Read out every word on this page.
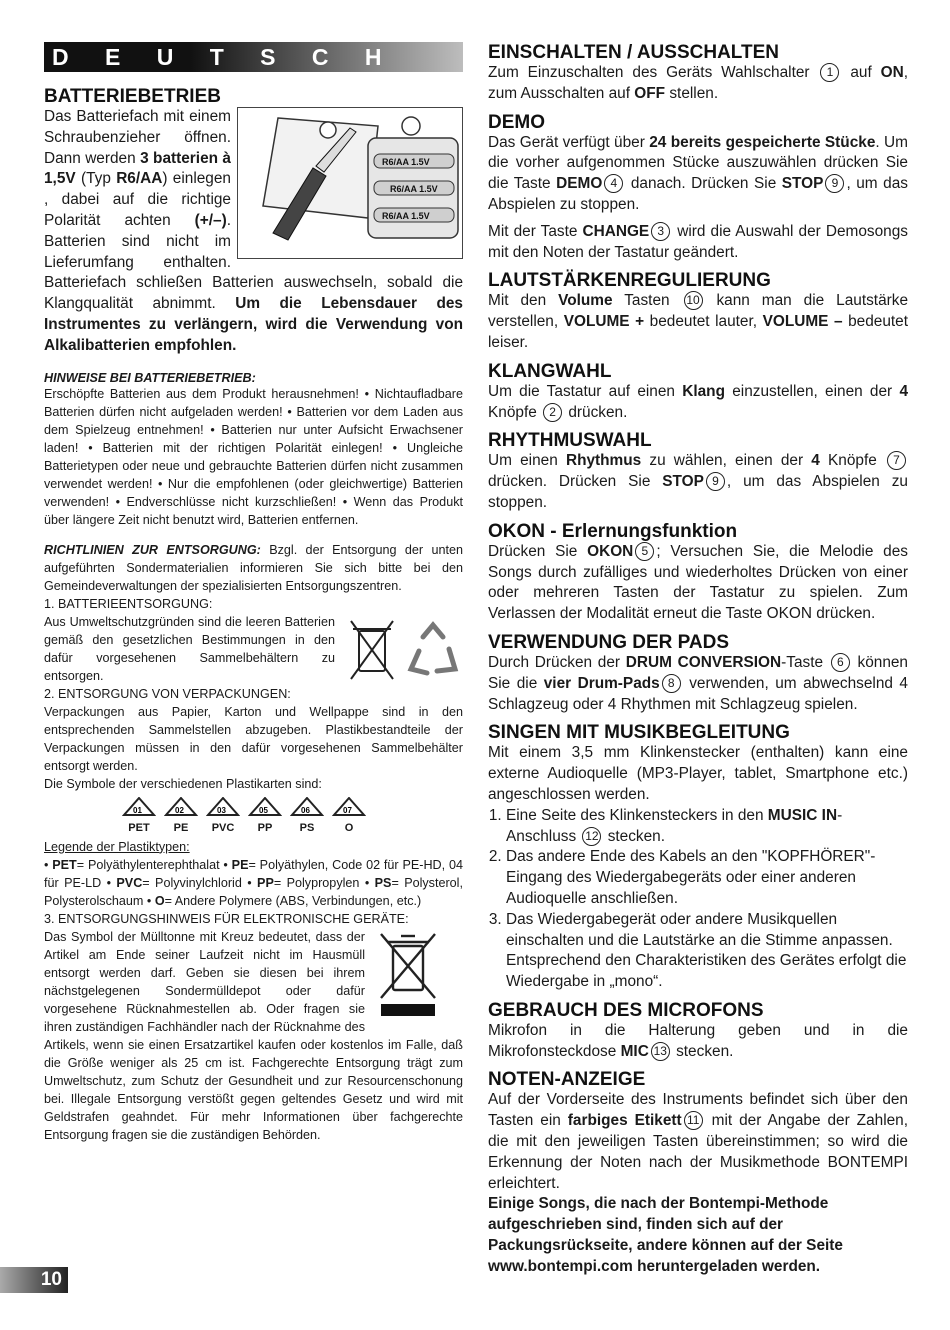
D E U T S C H
BATTERIEBETRIEB
R6/AA 1.5V
R6/AA 1.5V
R6/AA 1.5V
Das Batteriefach mit einem Schraubenzieher öffnen. Dann werden 3 batterien à 1,5V (Typ R6/AA) einlegen , dabei auf die richtige Polarität achten (+/–). Batterien sind nicht im Lieferumfang enthalten. Batteriefach schließen Batterien auswechseln, sobald die Klangqualität abnimmt. Um die Lebensdauer des Instrumentes zu verlängern, wird die Verwendung von Alkalibatterien empfohlen.
HINWEISE BEI BATTERIEBETRIEB:

Erschöpfte Batterien aus dem Produkt herausnehmen! • Nichtaufladbare Batterien dürfen nicht aufgeladen werden! • Batterien vor dem Laden aus dem Spielzeug entnehmen! • Batterien nur unter Aufsicht Erwachsener laden! • Batterien mit der richtigen Polarität einlegen! • Ungleiche Batterietypen oder neue und gebrauchte Batterien dürfen nicht zusammen verwendet werden! • Nur die empfohlenen (oder gleichwertige) Batterien verwenden! • Endverschlüsse nicht kurzschließen! • Wenn das Produkt über längere Zeit nicht benutzt wird, Batterien entfernen.

RICHTLINIEN ZUR ENTSORGUNG: Bzgl. der Entsorgung der unten aufgeführten Sondermaterialien informieren Sie sich bitte bei den Gemeindeverwaltungen der spezialisierten Entsorgungszentren.

1. BATTERIEENTSORGUNG:

Aus Umweltschutzgründen sind die leeren Batterien gemäß den gesetzlichen Bestimmungen in den dafür vorgesehenen Sammelbehältern zu entsorgen.

2. ENTSORGUNG VON VERPACKUNGEN:

Verpackungen aus Papier, Karton und Wellpappe sind in den entsprechenden Sammelstellen abzugeben. Plastikbestandteile der Verpackungen müssen in den dafür vorgesehenen Sammelbehälter entsorgt werden.

Die Symbole der verschiedenen Plastikarten sind:

01
PET
02
PE
03
PVC
05
PP
06
PS
07
O

Legende der Plastiktypen:

• PET= Polyäthylenterephthalat • PE= Polyäthylen, Code 02 für PE-HD, 04 für PE-LD • PVC= Polyvinylchlorid • PP= Polypropylen • PS= Polysterol, Polysterolschaum • O= Andere Polymere (ABS, Verbindungen, etc.)

3. ENTSORGUNGSHINWEIS FÜR ELEKTRONISCHE GERÄTE:

Das Symbol der Mülltonne mit Kreuz bedeutet, dass der Artikel am Ende seiner Laufzeit nicht im Hausmüll entsorgt werden darf. Geben sie diesen bei ihrem nächstgelegenen Sondermülldepot oder dafür vorgesehene Rücknahmestellen ab. Oder fragen sie ihren zuständigen Fachhändler nach der Rücknahme des Artikels, wenn sie einen Ersatzartikel kaufen oder kostenlos im Falle, daß die Größe weniger als 25 cm ist. Fachgerechte Entsorgung trägt zum Umweltschutz, zum Schutz der Gesundheit und zur Resourcenschonung bei. Illegale Entsorgung verstößt gegen geltendes Gesetz und wird mit Geldstrafen geahndet. Für mehr Informationen über fachgerechte Entsorgung fragen sie die zuständigen Behörden.

EINSCHALTEN / AUSSCHALTEN

Zum Einzuschalten des Geräts Wahlschalter 1 auf ON, zum Ausschalten auf OFF stellen.

DEMO

Das Gerät verfügt über 24 bereits gespeicherte Stücke. Um die vorher aufgenommen Stücke auszuwählen drücken Sie die Taste DEMO 4 danach. Drücken Sie STOP 9 , um das Abspielen zu stoppen.

Mit der Taste CHANGE 3 wird die Auswahl der Demosongs mit den Noten der Tastatur geändert.

LAUTSTÄRKENREGULIERUNG

Mit den Volume Tasten 10 kann man die Lautstärke verstellen, VOLUME + bedeutet lauter, VOLUME – bedeutet leiser.

KLANGWAHL

Um die Tastatur auf einen Klang einzustellen, einen der 4 Knöpfe 2 drücken.

RHYTHMUSWAHL

Um einen Rhythmus zu wählen, einen der 4 Knöpfe 7 drücken. Drücken Sie STOP 9 , um das Abspielen zu stoppen.

OKON - Erlernungsfunktion

Drücken Sie OKON 5 ; Versuchen Sie, die Melodie des Songs durch zufälliges und wiederholtes Drücken von einer oder mehreren Tasten der Tastatur zu spielen. Zum Verlassen der Modalität erneut die Taste OKON drücken.

VERWENDUNG DER PADS

Durch Drücken der DRUM CONVERSION-Taste 6 können Sie die vier Drum-Pads 8 verwenden, um abwechselnd 4 Schlagzeug oder 4 Rhythmen mit Schlagzeug spielen.

SINGEN MIT MUSIKBEGLEITUNG

Mit einem 3,5 mm Klinkenstecker (enthalten) kann eine externe Audioquelle (MP3-Player, tablet, Smartphone etc.) angeschlossen werden.

1. Eine Seite des Klinkensteckers in den MUSIC IN-Anschluss 12 stecken.
2. Das andere Ende des Kabels an den "KOPFHÖRER"-Eingang des Wiedergabegeräts oder einer anderen Audioquelle anschließen.
3. Das Wiedergabegerät oder andere Musikquellen einschalten und die Lautstärke an die Stimme anpassen. Entsprechend den Charakteristiken des Gerätes erfolgt die Wiedergabe in „mono“.
GEBRAUCH DES MICROFONS

Mikrofon in die Halterung geben und in die Mikrofonsteckdose MIC 13 stecken.

NOTEN-ANZEIGE

Auf der Vorderseite des Instruments befindet sich über den Tasten ein farbiges Etikett 11 mit der Angabe der Zahlen, die mit den jeweiligen Tasten übereinstimmen; so wird die Erkennung der Noten nach der Musikmethode BONTEMPI erleichtert.

Einige Songs, die nach der Bontempi-Methode aufgeschrieben sind, finden sich auf der Packungsrückseite, andere können auf der Seite www.bontempi.com heruntergeladen werden.

10
